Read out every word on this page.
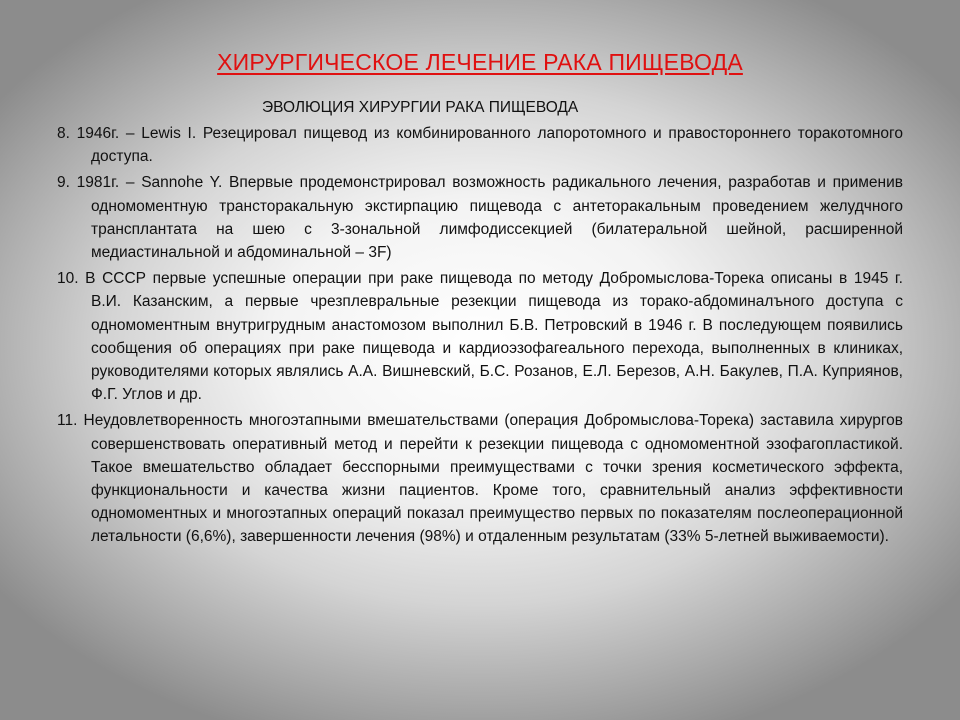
ХИРУРГИЧЕСКОЕ ЛЕЧЕНИЕ РАКА ПИЩЕВОДА
ЭВОЛЮЦИЯ ХИРУРГИИ РАКА ПИЩЕВОДА

8. 1946г. – Lewis I. Резецировал пищевод из комбинированного лапоротомного и правостороннего торакотомного доступа.

9. 1981г. – Sannohe Y. Впервые продемонстрировал возможность радикального лечения, разработав и применив одномоментную трансторакальную экстирпацию пищевода с антеторакальным проведением желудчного трансплантата на шею с 3-зональной лимфодиссекцией (билатеральной шейной, расширенной медиастинальной и абдоминальной – 3F)

10. В СССР первые успешные операции при раке пищевода по методу Добромыслова-Торека описаны в 1945 г. В.И. Казанским, а первые чрезплевральные резекции пищевода из торако-абдоминалъного доступа с одномоментным внутригрудным анастомозом выполнил Б.В. Петровский в 1946 г. В последующем появились сообщения об операциях при раке пищевода и кардиоэзофагеального перехода, выполненных в клиниках, руководителями которых являлись А.А. Вишневский, Б.С. Розанов, Е.Л. Березов, А.Н. Бакулев, П.А. Куприянов, Ф.Г. Углов и др.

11. Неудовлетворенность многоэтапными вмешательствами (операция Добромыслова-Торека) заставила хирургов совершенствовать оперативный метод и перейти к резекции пищевода с одномоментной эзофагопластикой. Такое вмешательство обладает бесспорными преимуществами с точки зрения косметического эффекта, функциональности и качества жизни пациентов. Кроме того, сравнительный анализ эффективности одномоментных и многоэтапных операций показал преимущество первых по показателям послеоперационной летальности (6,6%), завершенности лечения (98%) и отдаленным результатам (33% 5-летней выживаемости).
